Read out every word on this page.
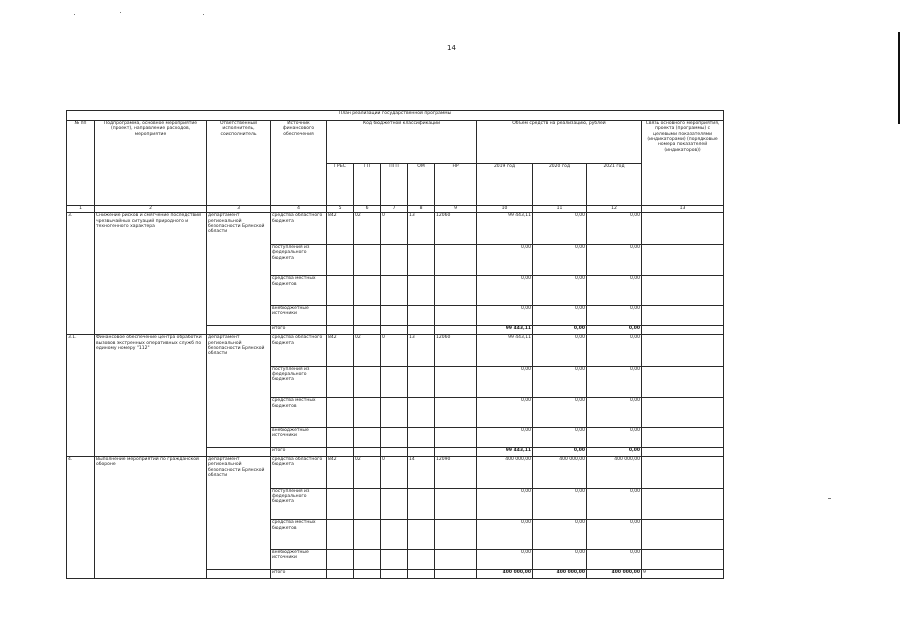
14
План реализации государственной программы												
№ пп	Подпрограмма, основное мероприятие (проект), направление расходов, мероприятие	Ответственный исполнитель, соисполнитель	Источник финансового обеспечения	Код бюджетной классификации					Объём средств на реализацию, рублей			Связь основного мероприятия, проекта (программы) с целевыми показателями (индикаторами) (порядковые номера показателей (индикаторов))
				ГРБС	ГП	ПГП	ОМ	НР	2019 год	2020 год	2021 год	
1	2	3	4	5	6	7	8	9	10	11	12	13
3.	Снижение рисков и смягчение последствий чрезвычайных ситуаций природного и техногенного характера	департамент региональной безопасности Брянской области	средства областного бюджета	842	02	0	13	12060	99 443,11	0,00	0,00	
			поступления из федерального бюджета						0,00	0,00	0,00	
			средства местных бюджетов						0,00	0,00	0,00	
			внебюджетные источники						0,00	0,00	0,00	
			итого						99 443,11	0,00	0,00	
3.1.	Финансовое обеспечение центра обработки вызовов экстренных оперативных служб по единому номеру "112"	департамент региональной безопасности Брянской области	средства областного бюджета	842	02	0	13	12060	99 443,11	0,00	0,00	
			поступления из федерального бюджета						0,00	0,00	0,00	
			средства местных бюджетов						0,00	0,00	0,00	
			внебюджетные источники						0,00	0,00	0,00	
			итого						99 443,11	0,00	0,00	
4.	Выполнение мероприятий по гражданской обороне	департамент региональной безопасности Брянской области	средства областного бюджета	842	02	0	14	12090	400 000,00	400 000,00	400 000,00	
			поступления из федерального бюджета						0,00	0,00	0,00	
			средства местных бюджетов						0,00	0,00	0,00	
			внебюджетные источники						0,00	0,00	0,00	
			итого						400 000,00	400 000,00	400 000,00	9
